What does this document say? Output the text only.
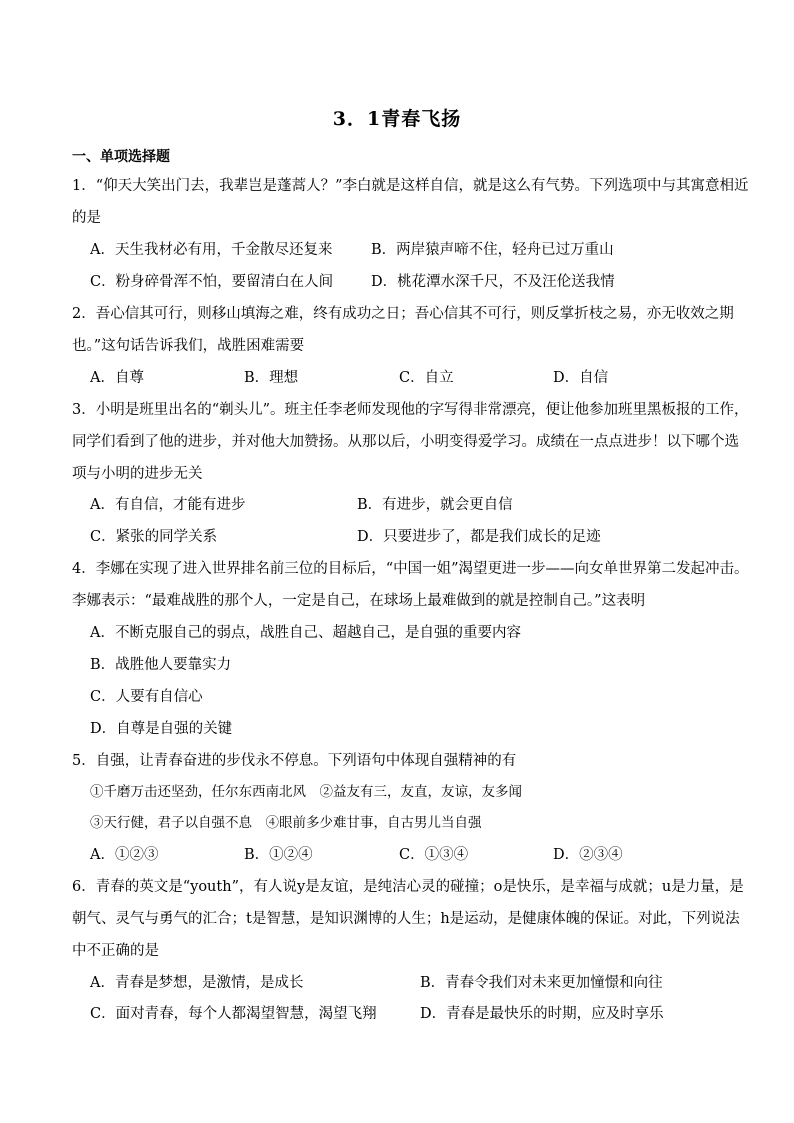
3．1青春飞扬
一、单项选择题
1．“仰天大笑出门去，我辈岂是蓬蒿人？”李白就是这样自信，就是这么有气势。下列选项中与其寓意相近
的是
A．天生我材必有用，千金散尽还复来	B．两岸猿声啼不住，轻舟已过万重山
C．粉身碎骨浑不怕，要留清白在人间	D．桃花潭水深千尺，不及汪伦送我情
2．吾心信其可行，则移山填海之难，终有成功之日；吾心信其不可行，则反掌折枝之易，亦无收效之期
也。”这句话告诉我们，战胜困难需要
A．自尊	B．理想	C．自立	D．自信
3．小明是班里出名的“剃头儿”。班主任李老师发现他的字写得非常漂亮，便让他参加班里黑板报的工作，
同学们看到了他的进步，并对他大加赞扬。从那以后，小明变得爱学习。成绩在一点点进步！以下哪个选
项与小明的进步无关
A．有自信，才能有进步	B．有进步，就会更自信
C．紧张的同学关系	D．只要进步了，都是我们成长的足迹
4．李娜在实现了进入世界排名前三位的目标后，“中国一姐”渴望更进一步——向女单世界第二发起冲击。
李娜表示：“最难战胜的那个人，一定是自己，在球场上最难做到的就是控制自己。”这表明
A．不断克服自己的弱点，战胜自己、超越自己，是自强的重要内容
B．战胜他人要靠实力
C．人要有自信心
D．自尊是自强的关键
5．自强，让青春奋进的步伐永不停息。下列语句中体现自强精神的有
①千磨万击还坚劲，任尔东西南北风　②益友有三，友直，友谅，友多闻
③天行健，君子以自强不息　④眼前多少难甘事，自古男儿当自强
A．①②③	B．①②④	C．①③④	D．②③④
6．青春的英文是“youth”，有人说y是友谊，是纯洁心灵的碰撞；o是快乐，是幸福与成就；u是力量，是
朝气、灵气与勇气的汇合；t是智慧，是知识渊博的人生；h是运动，是健康体魄的保证。对此，下列说法
中不正确的是
A．青春是梦想，是激情，是成长	B．青春令我们对未来更加憧憬和向往
C．面对青春，每个人都渴望智慧，渴望飞翔	D．青春是最快乐的时期，应及时享乐
